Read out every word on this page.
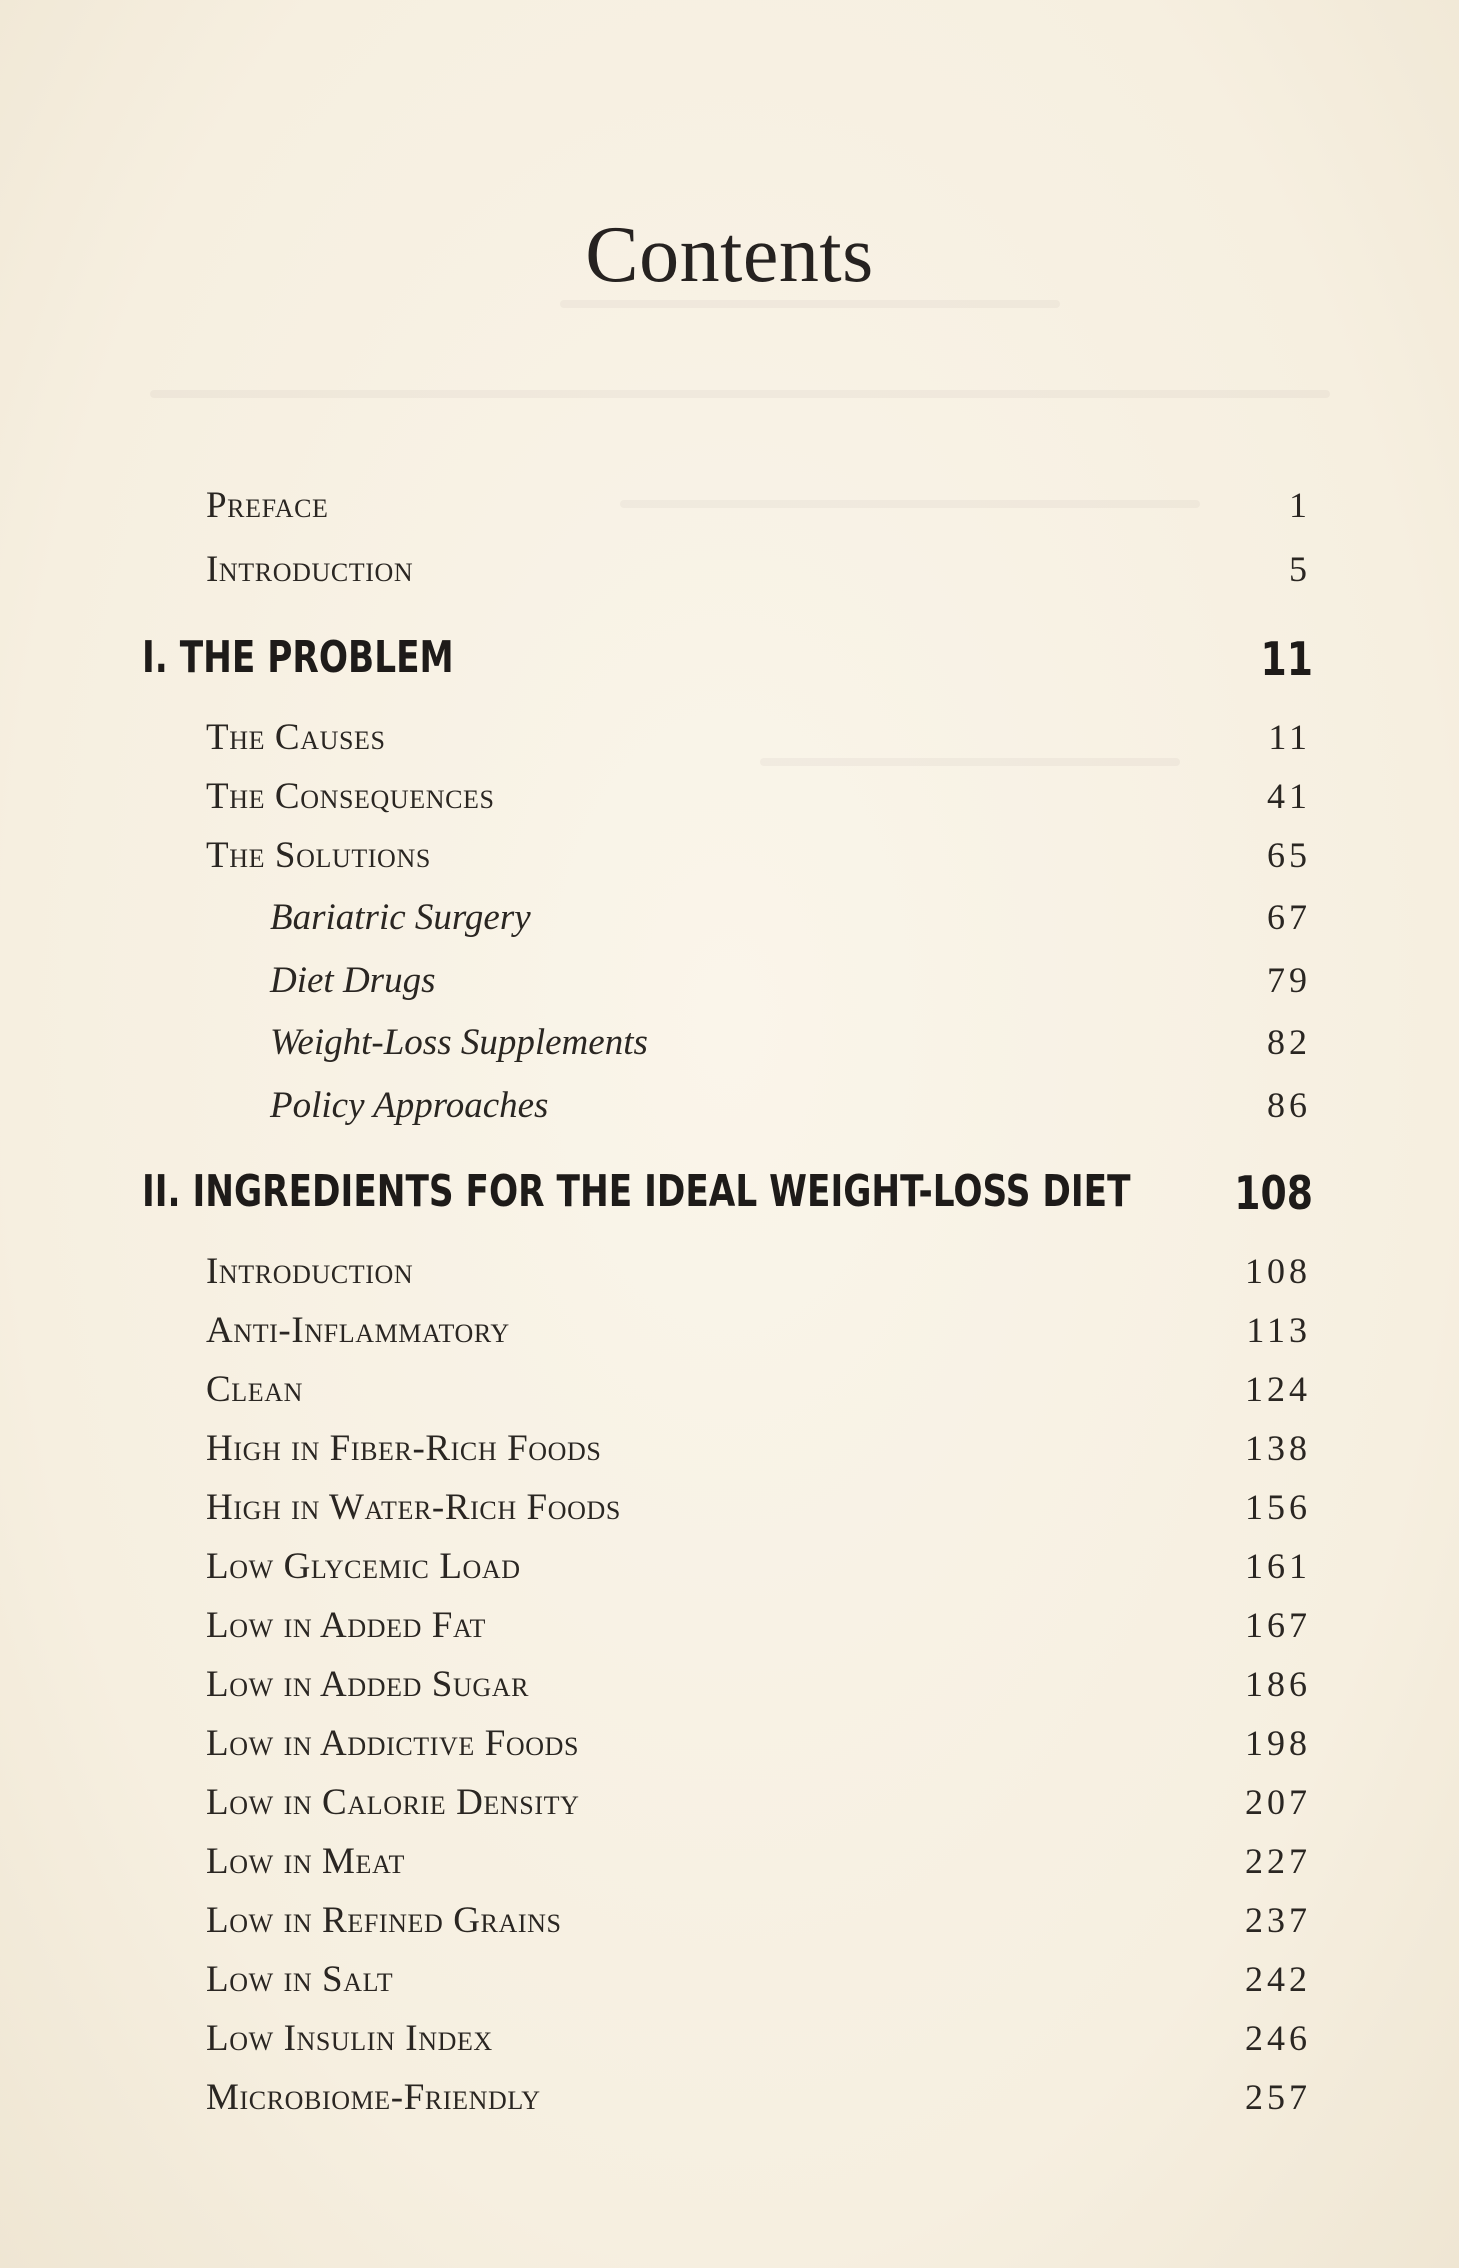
Contents
Preface	1
Introduction	5
I. THE PROBLEM	11
The Causes	11
The Consequences	41
The Solutions	65
Bariatric Surgery	67
Diet Drugs	79
Weight-Loss Supplements	82
Policy Approaches	86
II. INGREDIENTS FOR THE IDEAL WEIGHT-LOSS DIET 108
Introduction	108
Anti-Inflammatory	113
Clean	124
High in Fiber-Rich Foods	138
High in Water-Rich Foods	156
Low Glycemic Load	161
Low in Added Fat	167
Low in Added Sugar	186
Low in Addictive Foods	198
Low in Calorie Density	207
Low in Meat	227
Low in Refined Grains	237
Low in Salt	242
Low Insulin Index	246
Microbiome-Friendly	257
